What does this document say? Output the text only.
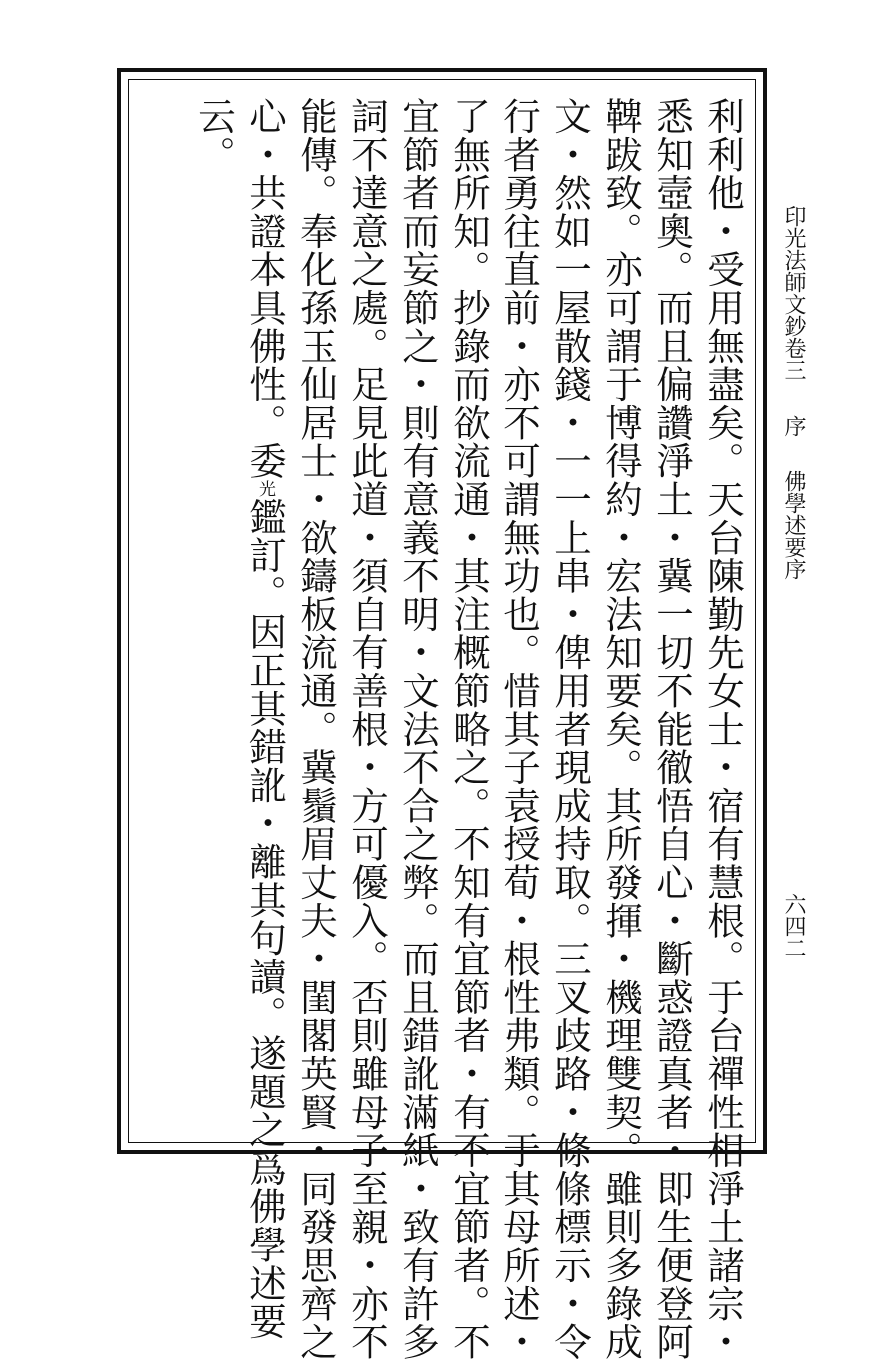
利利他・受用無盡矣。天台陳勤先女士・宿有慧根。于台禪性相淨土諸宗・
悉知壼奧。而且偏讚淨土・冀一切不能徹悟自心・斷惑證真者・即生便登阿
鞞跋致。亦可謂于博得約・宏法知要矣。其所發揮・機理雙契。雖則多錄成
文・然如一屋散錢・一一上串・俾用者現成持取。三叉歧路・條條標示・令
行者勇往直前・亦不可謂無功也。惜其子袁授荀・根性弗類。于其母所述・
了無所知。抄錄而欲流通・其注概節略之。不知有宜節者・有不宜節者。不
宜節者而妄節之・則有意義不明・文法不合之弊。而且錯訛滿紙・致有許多
詞不達意之處。足見此道・須自有善根・方可優入。否則雖母子至親・亦不
能傳。奉化孫玉仙居士・欲鑄板流通。冀鬚眉丈夫・閨閣英賢・同發思齊之
心・共證本具佛性。委光鑑訂。因正其錯訛・離其句讀。遂題之爲佛學述要
云。
印光法師文鈔卷三
序
佛學述要序
六四二
